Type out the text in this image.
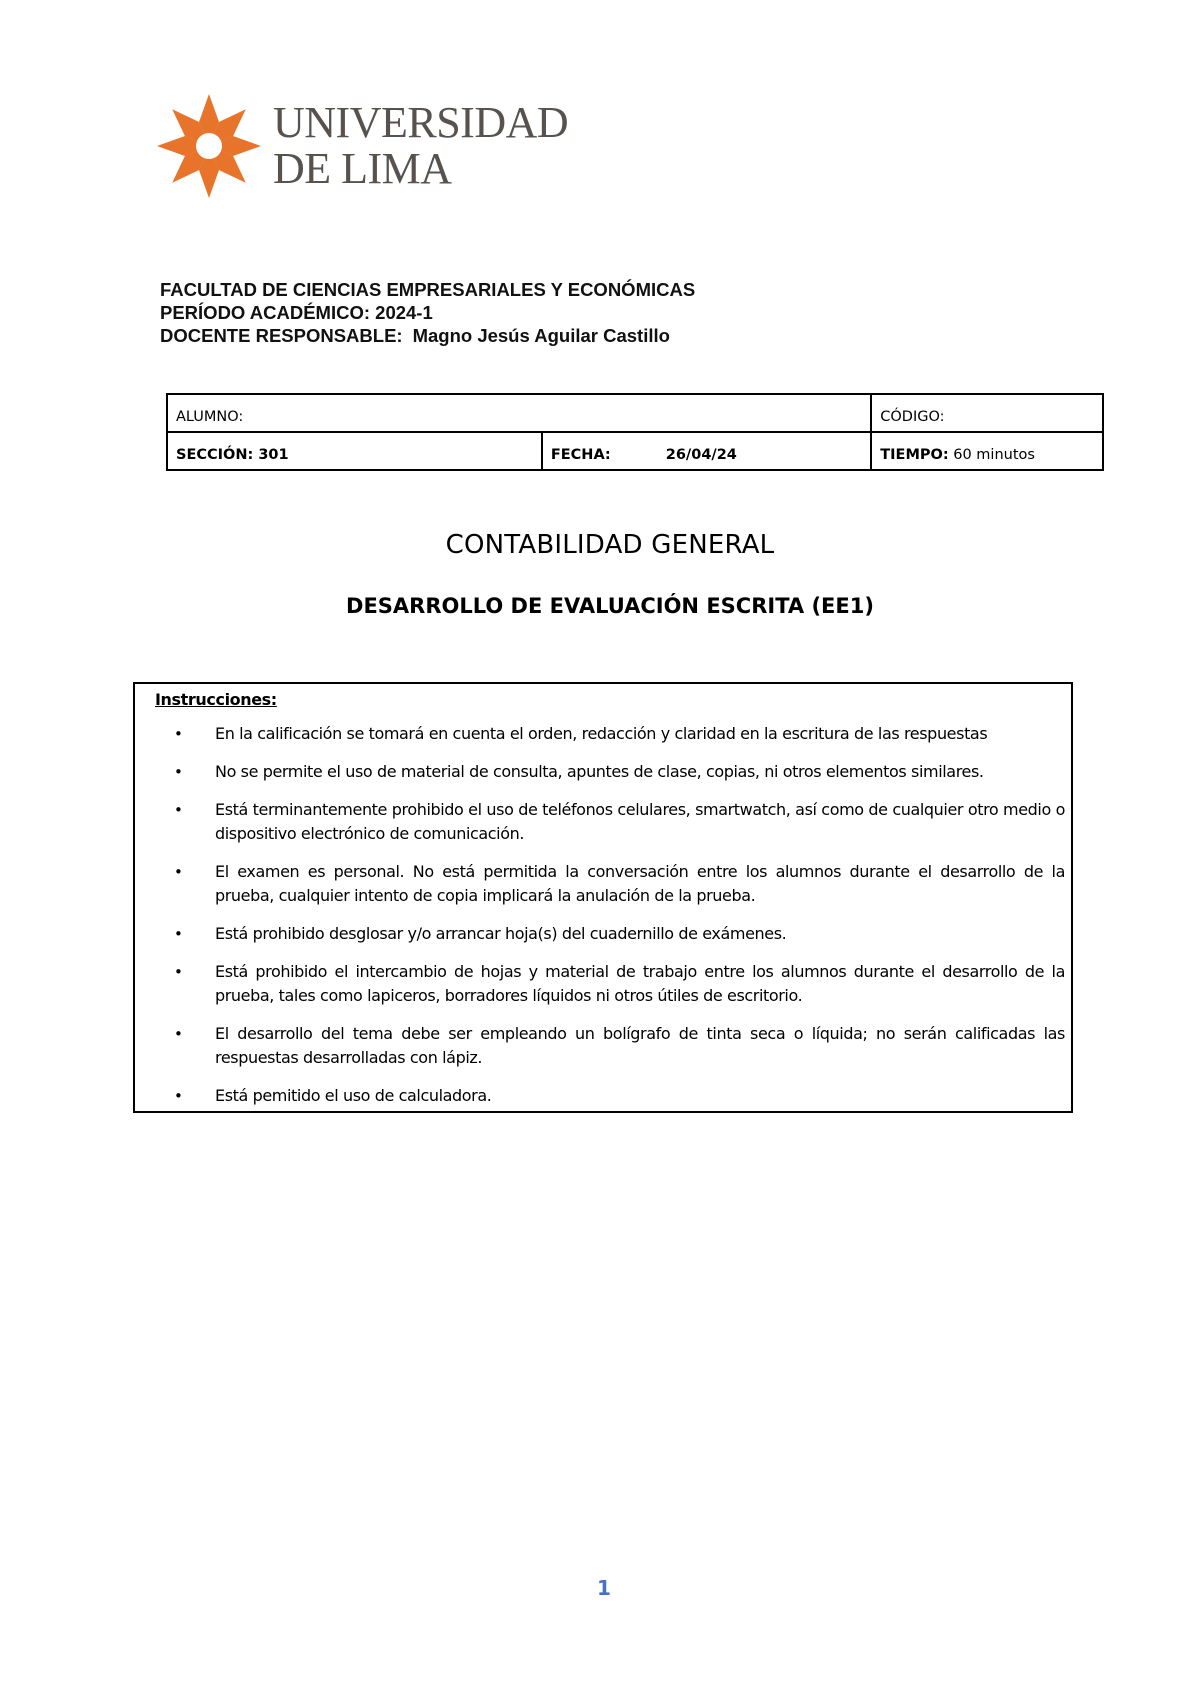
UNIVERSIDAD
DE LIMA
FACULTAD DE CIENCIAS EMPRESARIALES Y ECONÓMICAS
PERÍODO ACADÉMICO: 2024-1
DOCENTE RESPONSABLE: Magno Jesús Aguilar Castillo
ALUMNO:		CÓDIGO:
SECCIÓN: 301	FECHA: 26/04/24	TIEMPO: 60 minutos
CONTABILIDAD GENERAL
DESARROLLO DE EVALUACIÓN ESCRITA (EE1)
Instrucciones:
• En la calificación se tomará en cuenta el orden, redacción y claridad en la escritura de las respuestas
• No se permite el uso de material de consulta, apuntes de clase, copias, ni otros elementos similares.
• Está terminantemente prohibido el uso de teléfonos celulares, smartwatch, así como de cualquier otro medio o dispositivo electrónico de comunicación.
• El examen es personal. No está permitida la conversación entre los alumnos durante el desarrollo de la prueba, cualquier intento de copia implicará la anulación de la prueba.
• Está prohibido desglosar y/o arrancar hoja(s) del cuadernillo de exámenes.
• Está prohibido el intercambio de hojas y material de trabajo entre los alumnos durante el desarrollo de la prueba, tales como lapiceros, borradores líquidos ni otros útiles de escritorio.
• El desarrollo del tema debe ser empleando un bolígrafo de tinta seca o líquida; no serán calificadas las respuestas desarrolladas con lápiz.
• Está pemitido el uso de calculadora.
1
